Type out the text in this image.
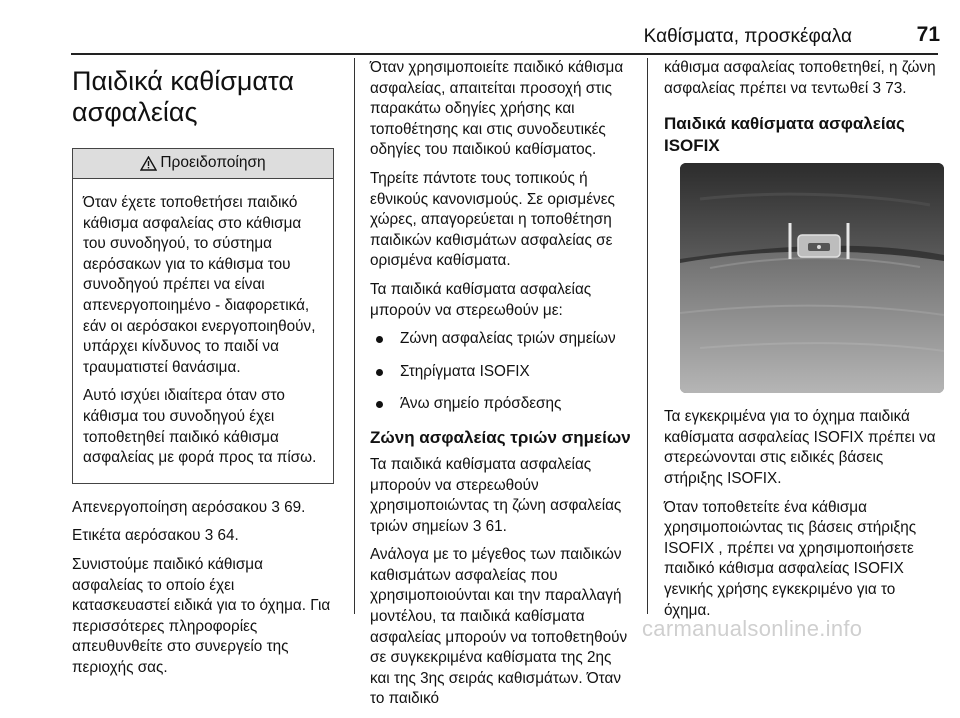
Καθίσματα, προσκέφαλα	71
Παιδικά καθίσματα ασφαλείας
Προειδοποίηση

Όταν έχετε τοποθετήσει παιδικό κάθισμα ασφαλείας στο κάθισμα του συνοδηγού, το σύστημα αερόσακων για το κάθισμα του συνοδηγού πρέπει να είναι απενεργοποιημένο - διαφορετικά, εάν οι αερόσακοι ενεργοποιηθούν, υπάρχει κίνδυνος το παιδί να τραυματιστεί θανάσιμα.

Αυτό ισχύει ιδιαίτερα όταν στο κάθισμα του συνοδηγού έχει τοποθετηθεί παιδικό κάθισμα ασφαλείας με φορά προς τα πίσω.

Απενεργοποίηση αερόσακου 3 69.

Ετικέτα αερόσακου 3 64.

Συνιστούμε παιδικό κάθισμα ασφαλείας το οποίο έχει κατασκευαστεί ειδικά για το όχημα. Για περισσότερες πληροφορίες απευθυνθείτε στο συνεργείο της περιοχής σας.

Όταν χρησιμοποιείτε παιδικό κάθισμα ασφαλείας, απαιτείται προσοχή στις παρακάτω οδηγίες χρήσης και τοποθέτησης και στις συνοδευτικές οδηγίες του παιδικού καθίσματος.

Τηρείτε πάντοτε τους τοπικούς ή εθνικούς κανονισμούς. Σε ορισμένες χώρες, απαγορεύεται η τοποθέτηση παιδικών καθισμάτων ασφαλείας σε ορισμένα καθίσματα.

Τα παιδικά καθίσματα ασφαλείας μπορούν να στερεωθούν με:

Ζώνη ασφαλείας τριών σημείων
Στηρίγματα ISOFIX
Άνω σημείο πρόσδεσης
Ζώνη ασφαλείας τριών σημείων

Τα παιδικά καθίσματα ασφαλείας μπορούν να στερεωθούν χρησιμοποιώντας τη ζώνη ασφαλείας τριών σημείων 3 61.

Ανάλογα με το μέγεθος των παιδικών καθισμάτων ασφαλείας που χρησιμοποιούνται και την παραλλαγή μοντέλου, τα παιδικά καθίσματα ασφαλείας μπορούν να τοποθετηθούν σε συγκεκριμένα καθίσματα της 2ης και της 3ης σειράς καθισμάτων. Όταν το παιδικό

κάθισμα ασφαλείας τοποθετηθεί, η ζώνη ασφαλείας πρέπει να τεντωθεί 3 73.

Παιδικά καθίσματα ασφαλείας ISOFIX

Τα εγκεκριμένα για το όχημα παιδικά καθίσματα ασφαλείας ISOFIX πρέπει να στερεώνονται στις ειδικές βάσεις στήριξης ISOFIX.

Όταν τοποθετείτε ένα κάθισμα χρησιμοποιώντας τις βάσεις στήριξης ISOFIX , πρέπει να χρησιμοποιήσετε παιδικό κάθισμα ασφαλείας ISOFIX γενικής χρήσης εγκεκριμένο για το όχημα.

carmanualsonline.info
